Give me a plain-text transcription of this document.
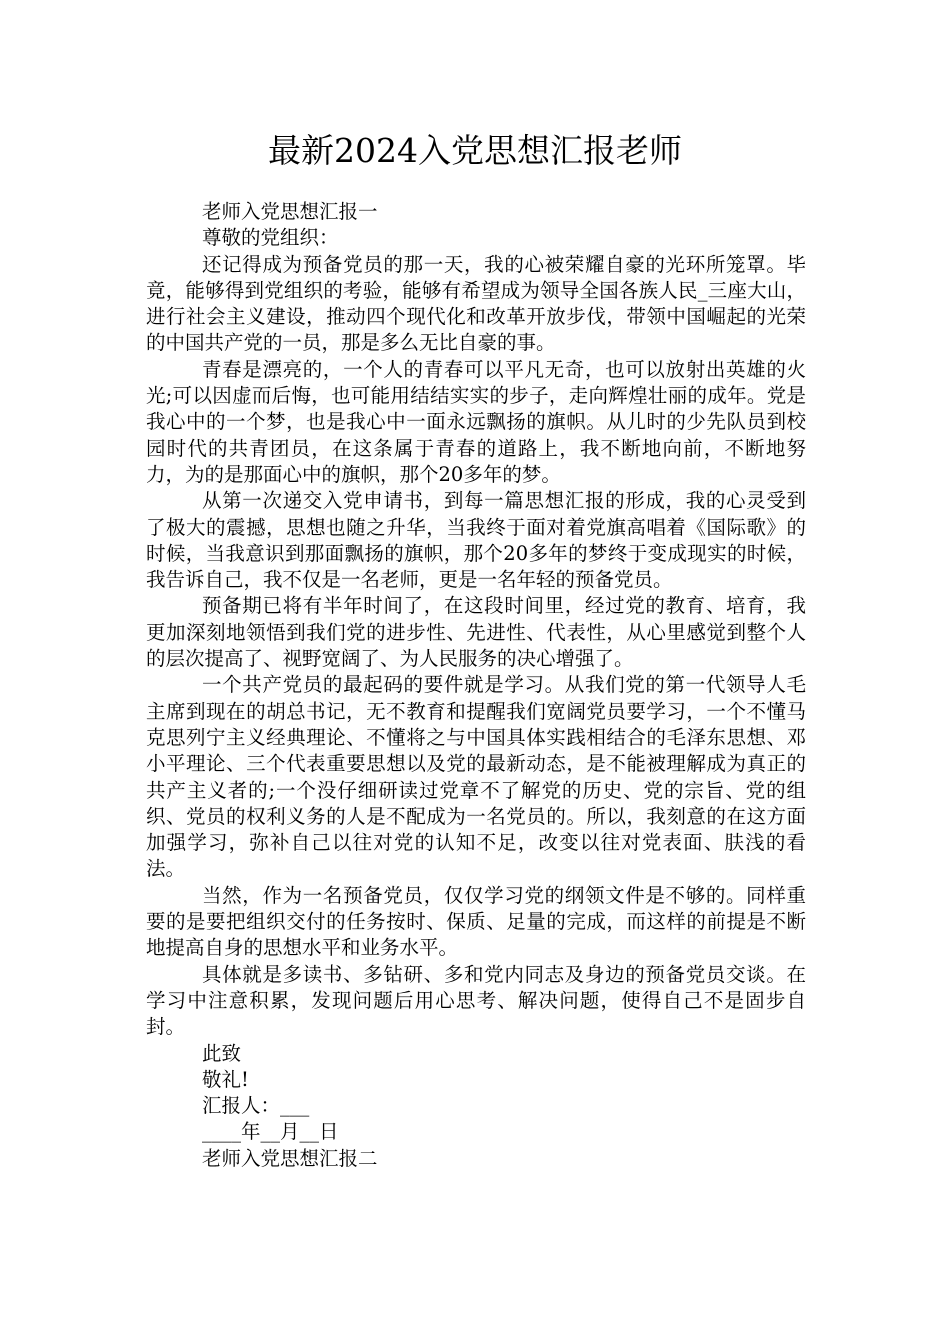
最新2024入党思想汇报老师

老师入党思想汇报一

尊敬的党组织：

还记得成为预备党员的那一天，我的心被荣耀自豪的光环所笼罩。毕竟，能够得到党组织的考验，能够有希望成为领导全国各族人民_三座大山，进行社会主义建设，推动四个现代化和改革开放步伐，带领中国崛起的光荣的中国共产党的一员，那是多么无比自豪的事。

青春是漂亮的，一个人的青春可以平凡无奇，也可以放射出英雄的火光;可以因虚而后悔，也可能用结结实实的步子，走向辉煌壮丽的成年。党是我心中的一个梦，也是我心中一面永远飘扬的旗帜。从儿时的少先队员到校园时代的共青团员，在这条属于青春的道路上，我不断地向前，不断地努力，为的是那面心中的旗帜，那个20多年的梦。

从第一次递交入党申请书，到每一篇思想汇报的形成，我的心灵受到了极大的震撼，思想也随之升华，当我终于面对着党旗高唱着《国际歌》的时候，当我意识到那面飘扬的旗帜，那个20多年的梦终于变成现实的时候，我告诉自己，我不仅是一名老师，更是一名年轻的预备党员。

预备期已将有半年时间了，在这段时间里，经过党的教育、培育，我更加深刻地领悟到我们党的进步性、先进性、代表性，从心里感觉到整个人的层次提高了、视野宽阔了、为人民服务的决心增强了。

一个共产党员的最起码的要件就是学习。从我们党的第一代领导人毛主席到现在的胡总书记，无不教育和提醒我们宽阔党员要学习，一个不懂马克思列宁主义经典理论、不懂将之与中国具体实践相结合的毛泽东思想、邓小平理论、三个代表重要思想以及党的最新动态，是不能被理解成为真正的共产主义者的;一个没仔细研读过党章不了解党的历史、党的宗旨、党的组织、党员的权利义务的人是不配成为一名党员的。所以，我刻意的在这方面加强学习，弥补自己以往对党的认知不足，改变以往对党表面、肤浅的看法。

当然，作为一名预备党员，仅仅学习党的纲领文件是不够的。同样重要的是要把组织交付的任务按时、保质、足量的完成，而这样的前提是不断地提高自身的思想水平和业务水平。

具体就是多读书、多钻研、多和党内同志及身边的预备党员交谈。在学习中注意积累，发现问题后用心思考、解决问题，使得自己不是固步自封。

此致

敬礼!

汇报人：___

____年__月__日

老师入党思想汇报二
